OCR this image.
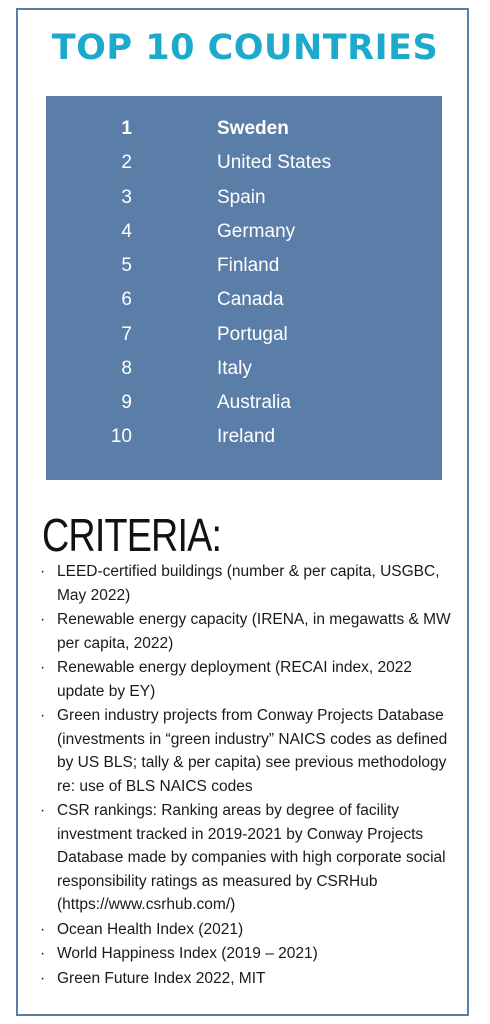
TOP 10 COUNTRIES
1	Sweden
2	United States
3	Spain
4	Germany
5	Finland
6	Canada
7	Portugal
8	Italy
9	Australia
10	Ireland
CRITERIA:
· LEED-certified buildings (number & per capita, USGBC, May 2022)
· Renewable energy capacity (IRENA, in megawatts & MW per capita, 2022)
· Renewable energy deployment (RECAI index, 2022 update by EY)
· Green industry projects from Conway Projects Database (investments in “green industry” NAICS codes as defined by US BLS; tally & per capita) see previous methodology re: use of BLS NAICS codes
· CSR rankings: Ranking areas by degree of facility investment tracked in 2019-2021 by Conway Projects Database made by companies with high corporate social responsibility ratings as measured by CSRHub (https://www.csrhub.com/)
· Ocean Health Index (2021)
· World Happiness Index (2019 – 2021)
· Green Future Index 2022, MIT
